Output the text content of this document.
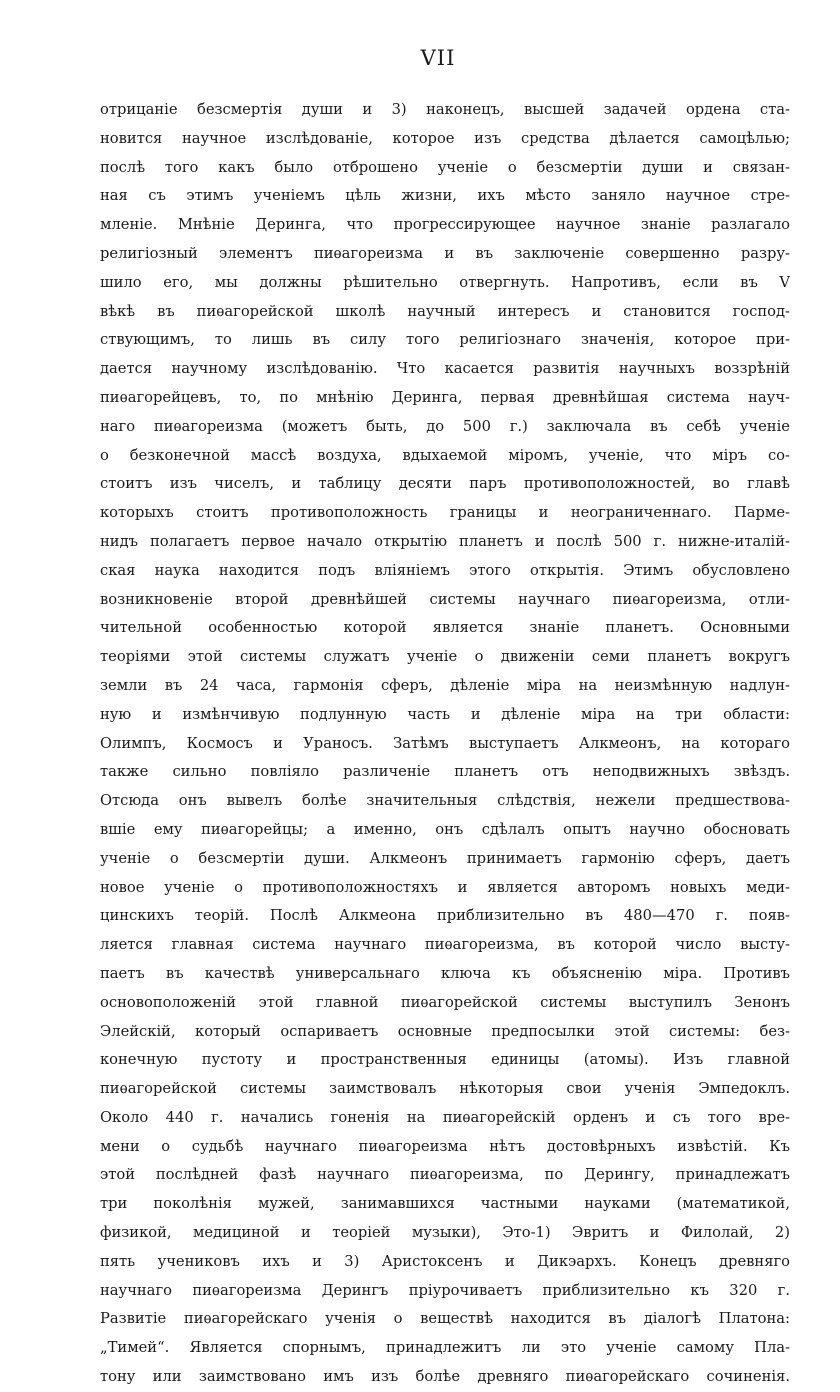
VII
отрицаніе безсмертія души и 3) наконецъ, высшей задачей ордена ста-
новится научное изслѣдованіе, которое изъ средства дѣлается самоцѣлью;
послѣ того какъ было отброшено ученіе о безсмертіи души и связан-
ная съ этимъ ученіемъ цѣль жизни, ихъ мѣсто заняло научное стре-
мленіе. Мнѣніе Деринга, что прогрессирующее научное знаніе разлагало
религіозный элементъ пиѳагореизма и въ заключеніе совершенно разру-
шило его, мы должны рѣшительно отвергнуть. Напротивъ, если въ V
вѣкѣ въ пиѳагорейской школѣ научный интересъ и становится господ-
ствующимъ, то лишь въ силу того религіознаго значенія, которое при-
дается научному изслѣдованію. Что касается развитія научныхъ воззрѣній
пиѳагорейцевъ, то, по мнѣнію Деринга, первая древнѣйшая система науч-
наго пиѳагореизма (можетъ быть, до 500 г.) заключала въ себѣ ученіе
о безконечной массѣ воздуха, вдыхаемой міромъ, ученіе, что міръ со-
стоитъ изъ чиселъ, и таблицу десяти паръ противоположностей, во главѣ
которыхъ стоитъ противоположность границы и неограниченнаго. Парме-
нидъ полагаетъ первое начало открытію планетъ и послѣ 500 г. нижне-италій-
ская наука находится подъ вліяніемъ этого открытія. Этимъ обусловлено
возникновеніе второй древнѣйшей системы научнаго пиѳагореизма, отли-
чительной особенностью которой является знаніе планетъ. Основными
теоріями этой системы служатъ ученіе о движеніи семи планетъ вокругъ
земли въ 24 часа, гармонія сферъ, дѣленіе міра на неизмѣнную надлун-
ную и измѣнчивую подлунную часть и дѣленіе міра на три области:
Олимпъ, Космосъ и Ураносъ. Затѣмъ выступаетъ Алкмеонъ, на котораго
также сильно повліяло различеніе планетъ отъ неподвижныхъ звѣздъ.
Отсюда онъ вывелъ болѣе значительныя слѣдствія, нежели предшествова-
вшіе ему пиѳагорейцы; а именно, онъ сдѣлалъ опытъ научно обосновать
ученіе о безсмертіи души. Алкмеонъ принимаетъ гармонію сферъ, даетъ
новое ученіе о противоположностяхъ и является авторомъ новыхъ меди-
цинскихъ теорій. Послѣ Алкмеона приблизительно въ 480—470 г. появ-
ляется главная система научнаго пиѳагореизма, въ которой число высту-
паетъ въ качествѣ универсальнаго ключа къ объясненію міра. Противъ
основоположеній этой главной пиѳагорейской системы выступилъ Зенонъ
Элейскій, который оспариваетъ основные предпосылки этой системы: без-
конечную пустоту и пространственныя единицы (атомы). Изъ главной
пиѳагорейской системы заимствовалъ нѣкоторыя свои ученія Эмпедоклъ.
Около 440 г. начались гоненія на пиѳагорейскій орденъ и съ того вре-
мени о судьбѣ научнаго пиѳагореизма нѣтъ достовѣрныхъ извѣстій. Къ
этой послѣдней фазѣ научнаго пиѳагореизма, по Дерингу, принадлежатъ
три поколѣнія мужей, занимавшихся частными науками (математикой,
физикой, медициной и теоріей музыки), Это-1) Эвритъ и Филолай, 2)
пять учениковъ ихъ и 3) Аристоксенъ и Дикэархъ. Конецъ древняго
научнаго пиѳагореизма Дерингъ пріурочиваетъ приблизительно къ 320 г.
Развитіе пиѳагорейскаго ученія о веществѣ находится въ діалогѣ Платона:
„Тимей“. Является спорнымъ, принадлежитъ ли это ученіе самому Пла-
тону или заимствовано имъ изъ болѣе древняго пиѳагорейскаго сочиненія.
